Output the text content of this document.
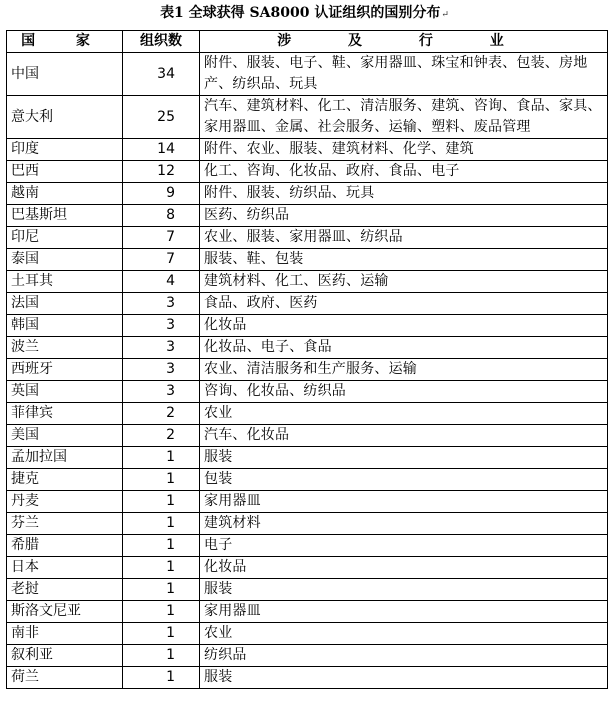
表1 全球获得 SA8000 认证组织的国别分布↵
国 家	组织数	涉 及 行 业
中国	34	附件、服装、电子、鞋、家用器皿、珠宝和钟表、包装、房地产、纺织品、玩具
意大利	25	汽车、建筑材料、化工、清洁服务、建筑、咨询、食品、家具、家用器皿、金属、社会服务、运输、塑料、废品管理
印度	14	附件、农业、服装、建筑材料、化学、建筑
巴西	12	化工、咨询、化妆品、政府、食品、电子
越南	9	附件、服装、纺织品、玩具
巴基斯坦	8	医药、纺织品
印尼	7	农业、服装、家用器皿、纺织品
泰国	7	服装、鞋、包装
土耳其	4	建筑材料、化工、医药、运输
法国	3	食品、政府、医药
韩国	3	化妆品
波兰	3	化妆品、电子、食品
西班牙	3	农业、清洁服务和生产服务、运输
英国	3	咨询、化妆品、纺织品
菲律宾	2	农业
美国	2	汽车、化妆品
孟加拉国	1	服装
捷克	1	包装
丹麦	1	家用器皿
芬兰	1	建筑材料
希腊	1	电子
日本	1	化妆品
老挝	1	服装
斯洛文尼亚	1	家用器皿
南非	1	农业
叙利亚	1	纺织品
荷兰	1	服装
